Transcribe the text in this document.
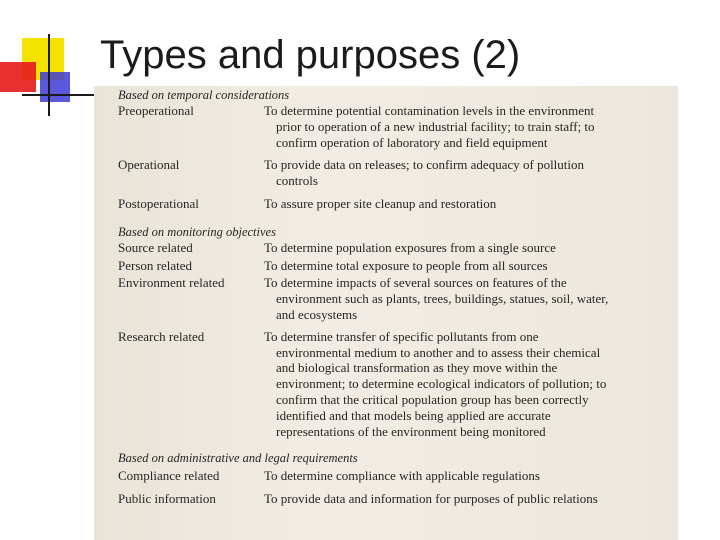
Types and purposes (2)
Based on temporal considerations
Preoperational	To determine potential contamination levels in the environment
prior to operation of a new industrial facility; to train staff; to
confirm operation of laboratory and field equipment
Operational	To provide data on releases; to confirm adequacy of pollution
controls
Postoperational	To assure proper site cleanup and restoration
Based on monitoring objectives
Source related	To determine population exposures from a single source
Person related	To determine total exposure to people from all sources
Environment related	To determine impacts of several sources on features of the
environment such as plants, trees, buildings, statues, soil, water,
and ecosystems
Research related	To determine transfer of specific pollutants from one
environmental medium to another and to assess their chemical
and biological transformation as they move within the
environment; to determine ecological indicators of pollution; to
confirm that the critical population group has been correctly
identified and that models being applied are accurate
representations of the environment being monitored
Based on administrative and legal requirements
Compliance related	To determine compliance with applicable regulations
Public information	To provide data and information for purposes of public relations
